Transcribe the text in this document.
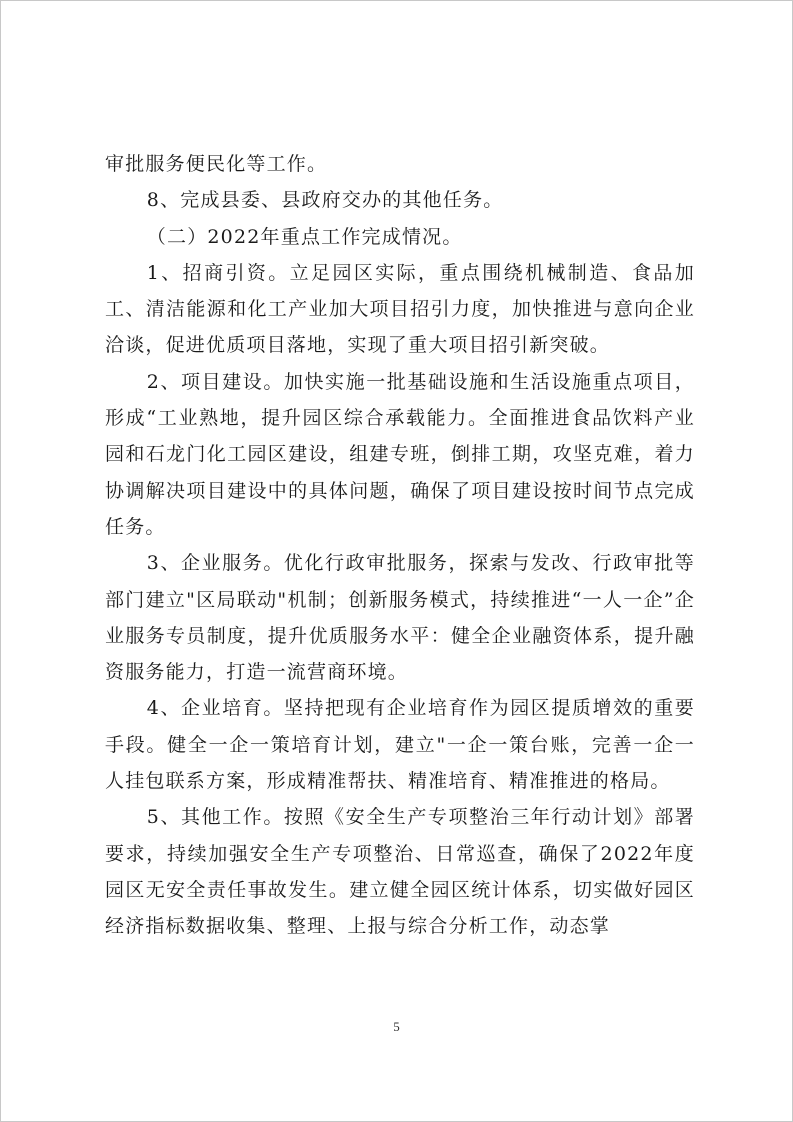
审批服务便民化等工作。

8、完成县委、县政府交办的其他任务。

（二）2022年重点工作完成情况。

1、招商引资。立足园区实际，重点围绕机械制造、食品加工、清洁能源和化工产业加大项目招引力度，加快推进与意向企业洽谈，促进优质项目落地，实现了重大项目招引新突破。

2、项目建设。加快实施一批基础设施和生活设施重点项目，形成“工业熟地，提升园区综合承载能力。全面推进食品饮料产业园和石龙门化工园区建设，组建专班，倒排工期，攻坚克难，着力协调解决项目建设中的具体问题，确保了项目建设按时间节点完成任务。

3、企业服务。优化行政审批服务，探索与发改、行政审批等部门建立"区局联动"机制；创新服务模式，持续推进“一人一企”企业服务专员制度，提升优质服务水平：健全企业融资体系，提升融资服务能力，打造一流营商环境。

4、企业培育。坚持把现有企业培育作为园区提质增效的重要手段。健全一企一策培育计划，建立"一企一策台账，完善一企一人挂包联系方案，形成精准帮扶、精准培育、精准推进的格局。

5、其他工作。按照《安全生产专项整治三年行动计划》部署要求，持续加强安全生产专项整治、日常巡查，确保了2022年度园区无安全责任事故发生。建立健全园区统计体系，切实做好园区经济指标数据收集、整理、上报与综合分析工作，动态掌

5
